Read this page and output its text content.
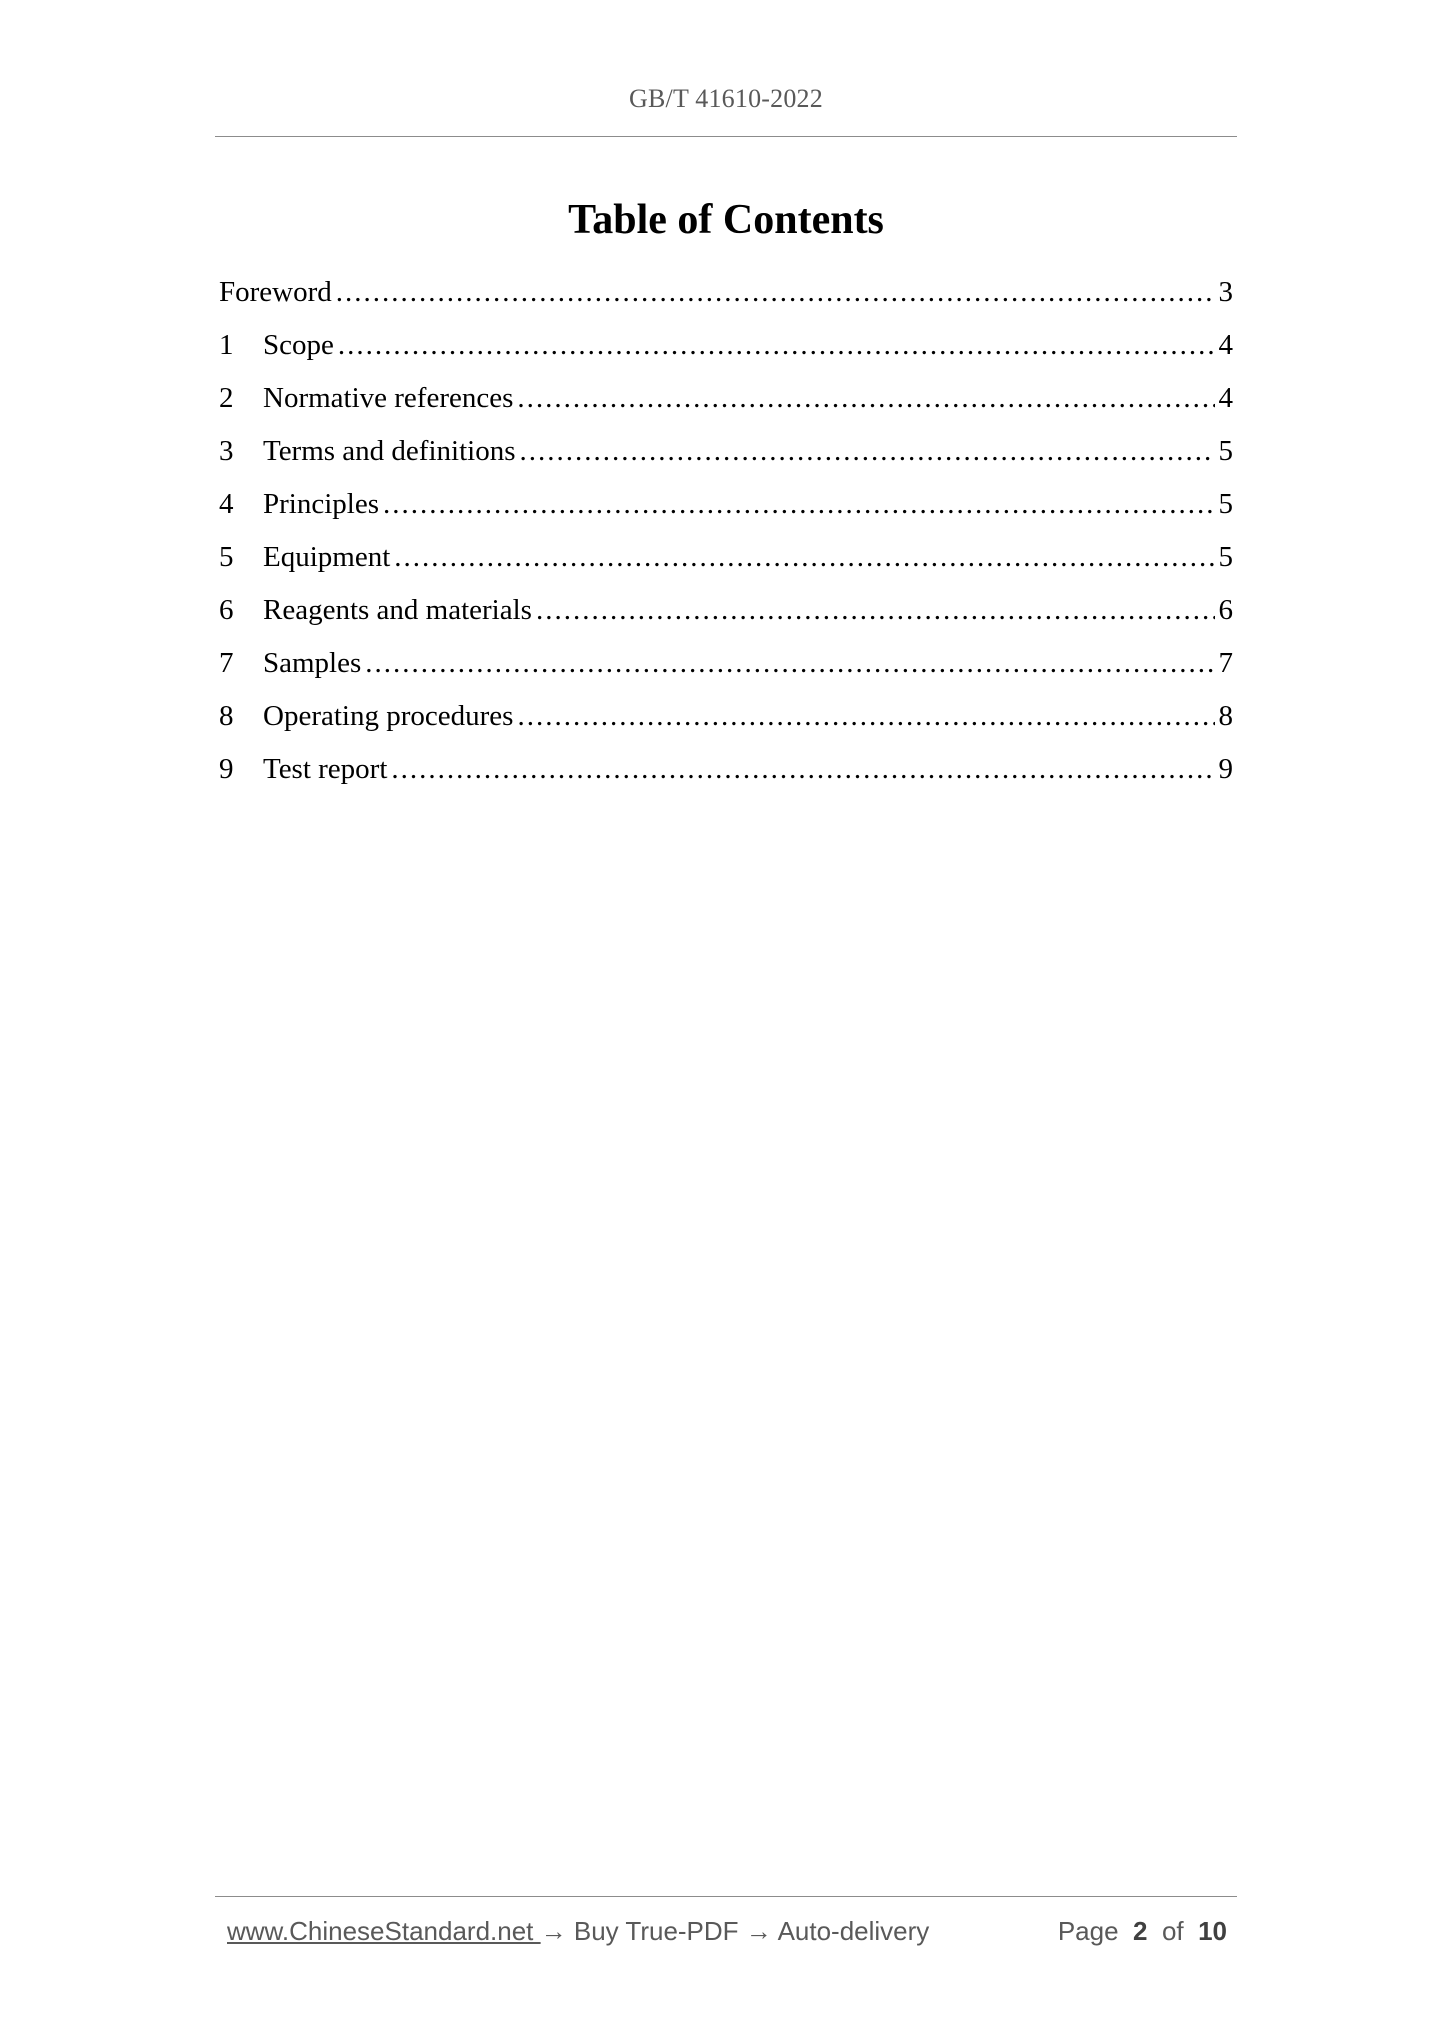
GB/T 41610-2022
Table of Contents
Foreword .....	3
1	Scope .....	4
2	Normative references .....	4
3	Terms and definitions .....	5
4	Principles .....	5
5	Equipment .....	5
6	Reagents and materials .....	6
7	Samples .....	7
8	Operating procedures .....	8
9	Test report .....	9
www.ChineseStandard.net → Buy True-PDF → Auto-delivery	Page 2 of 10
